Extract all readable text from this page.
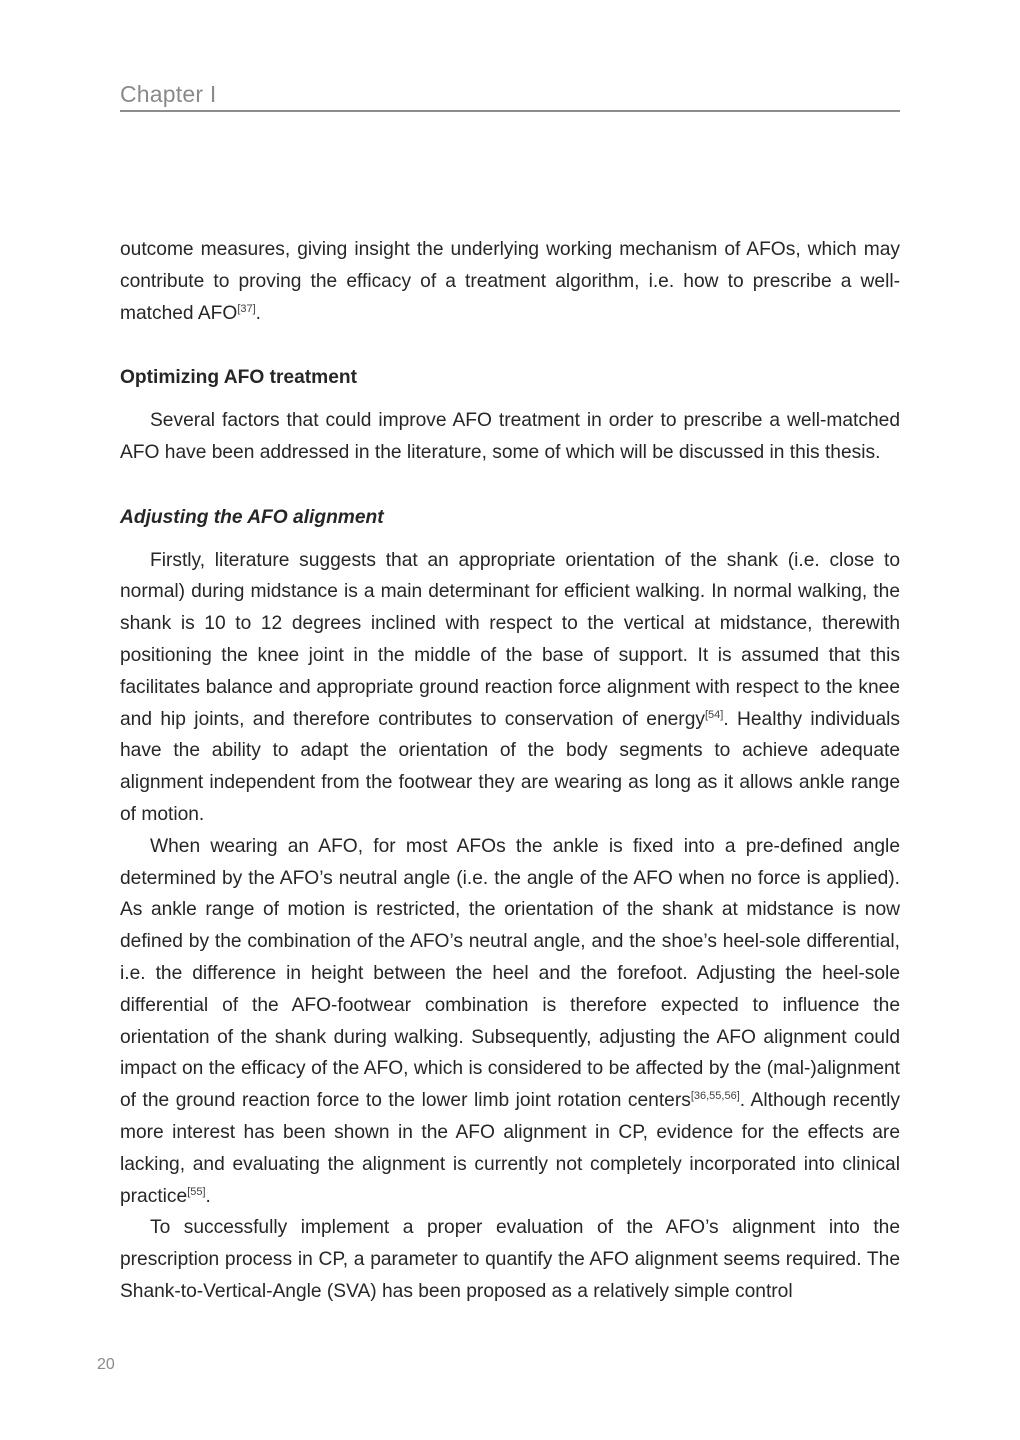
Chapter I

outcome measures, giving insight the underlying working mechanism of AFOs, which may contribute to proving the efficacy of a treatment algorithm, i.e. how to prescribe a well-matched AFO[37].

Optimizing AFO treatment

Several factors that could improve AFO treatment in order to prescribe a well-matched AFO have been addressed in the literature, some of which will be discussed in this thesis.

Adjusting the AFO alignment

Firstly, literature suggests that an appropriate orientation of the shank (i.e. close to normal) during midstance is a main determinant for efficient walking. In normal walking, the shank is 10 to 12 degrees inclined with respect to the vertical at midstance, therewith positioning the knee joint in the middle of the base of support. It is assumed that this facilitates balance and appropriate ground reaction force alignment with respect to the knee and hip joints, and therefore contributes to conservation of energy[54]. Healthy individuals have the ability to adapt the orientation of the body segments to achieve adequate alignment independent from the footwear they are wearing as long as it allows ankle range of motion.

When wearing an AFO, for most AFOs the ankle is fixed into a pre-defined angle determined by the AFO’s neutral angle (i.e. the angle of the AFO when no force is applied). As ankle range of motion is restricted, the orientation of the shank at midstance is now defined by the combination of the AFO’s neutral angle, and the shoe’s heel-sole differential, i.e. the difference in height between the heel and the forefoot. Adjusting the heel-sole differential of the AFO-footwear combination is therefore expected to influence the orientation of the shank during walking. Subsequently, adjusting the AFO alignment could impact on the efficacy of the AFO, which is considered to be affected by the (mal-)alignment of the ground reaction force to the lower limb joint rotation centers[36,55,56]. Although recently more interest has been shown in the AFO alignment in CP, evidence for the effects are lacking, and evaluating the alignment is currently not completely incorporated into clinical practice[55].

To successfully implement a proper evaluation of the AFO’s alignment into the prescription process in CP, a parameter to quantify the AFO alignment seems required. The Shank-to-Vertical-Angle (SVA) has been proposed as a relatively simple control

20
